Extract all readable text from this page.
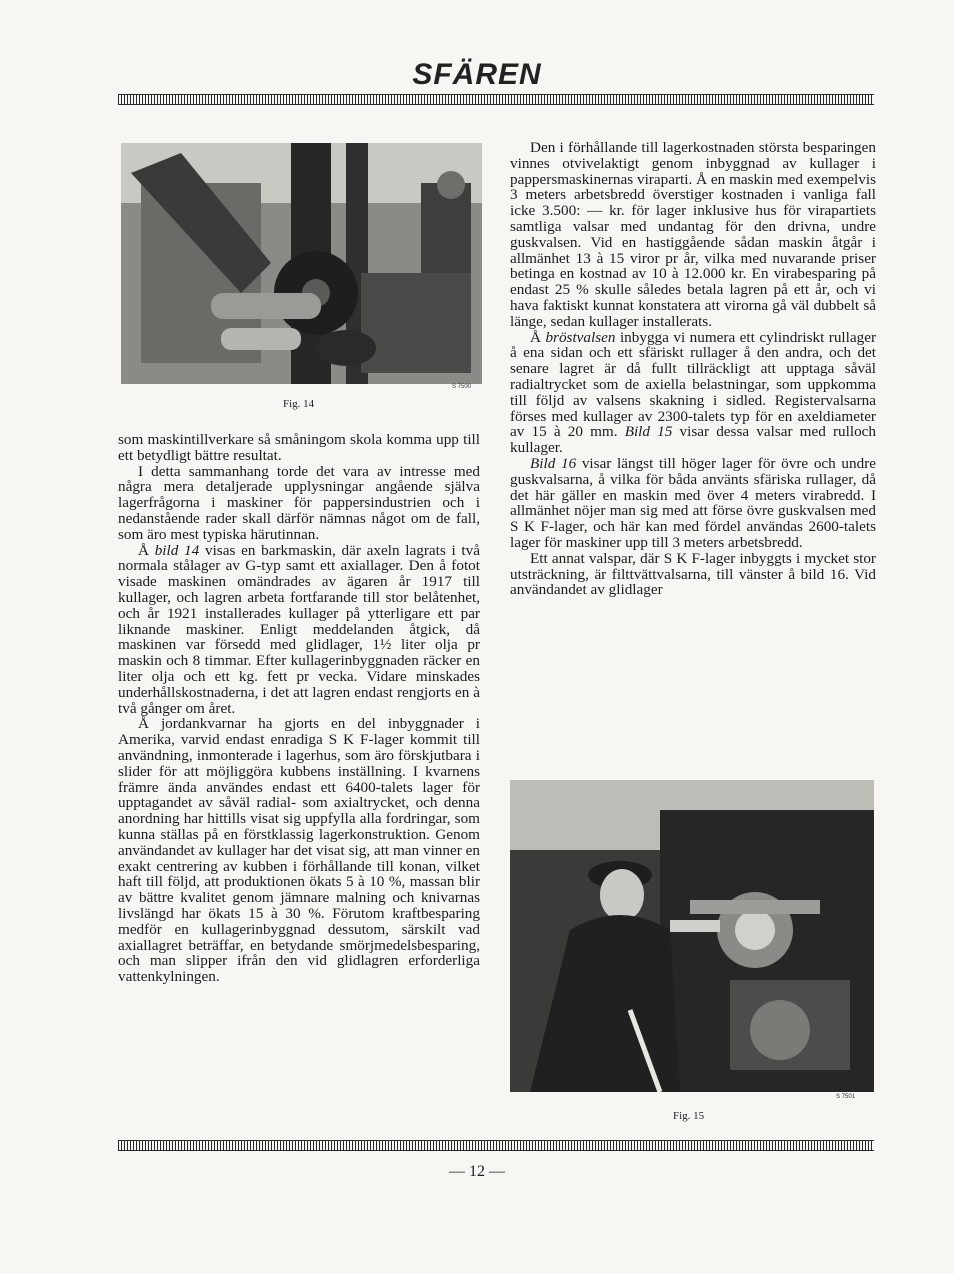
SFÄREN
S 7500
Fig. 14

som maskintillverkare så småningom skola komma upp till ett betydligt bättre resultat.

I detta sammanhang torde det vara av intresse med några mera detaljerade upplysningar angående själva lagerfrågorna i maskiner för pappersindustrien och i nedanstående rader skall därför nämnas något om de fall, som äro mest typiska härutinnan.

Å bild 14 visas en barkmaskin, där axeln lagrats i två normala stålager av G-typ samt ett axiallager. Den å fotot visade maskinen omändrades av ägaren år 1917 till kullager, och lagren arbeta fortfarande till stor belåtenhet, och år 1921 installerades kullager på ytterligare ett par liknande maskiner. Enligt meddelanden åtgick, då maskinen var försedd med glidlager, 1½ liter olja pr maskin och 8 timmar. Efter kullagerinbyggnaden räcker en liter olja och ett kg. fett pr vecka. Vidare minskades underhållskostnaderna, i det att lagren endast rengjorts en à två gånger om året.

Å jordankvarnar ha gjorts en del inbyggnader i Amerika, varvid endast enradiga S K F-lager kommit till användning, inmonterade i lagerhus, som äro förskjutbara i slider för att möjliggöra kubbens inställning. I kvarnens främre ända användes endast ett 6400-talets lager för upptagandet av såväl radial- som axialtrycket, och denna anordning har hittills visat sig uppfylla alla fordringar, som kunna ställas på en förstklassig lagerkonstruktion. Genom användandet av kullager har det visat sig, att man vinner en exakt centrering av kubben i förhållande till konan, vilket haft till följd, att produktionen ökats 5 à 10 %, massan blir av bättre kvalitet genom jämnare malning och knivarnas livslängd har ökats 15 à 30 %. Förutom kraftbesparing medför en kullagerinbyggnad dessutom, särskilt vad axiallagret beträffar, en betydande smörjmedelsbesparing, och man slipper ifrån den vid glidlagren erforderliga vattenkylningen.

Den i förhållande till lagerkostnaden största besparingen vinnes otvivelaktigt genom inbyggnad av kullager i pappersmaskinernas viraparti. Å en maskin med exempelvis 3 meters arbetsbredd överstiger kostnaden i vanliga fall icke 3.500: — kr. för lager inklusive hus för virapartiets samtliga valsar med undantag för den drivna, undre guskvalsen. Vid en hastiggående sådan maskin åtgår i allmänhet 13 à 15 viror pr år, vilka med nuvarande priser betinga en kostnad av 10 à 12.000 kr. En virabesparing på endast 25 % skulle således betala lagren på ett år, och vi hava faktiskt kunnat konstatera att virorna gå väl dubbelt så länge, sedan kullager installerats.

Å bröstvalsen inbygga vi numera ett cylindriskt rullager å ena sidan och ett sfäriskt rullager å den andra, och det senare lagret är då fullt tillräckligt att upptaga såväl radialtrycket som de axiella belastningar, som uppkomma till följd av valsens skakning i sidled. Registervalsarna förses med kullager av 2300-talets typ för en axeldiameter av 15 à 20 mm. Bild 15 visar dessa valsar med rulloch kullager.

Bild 16 visar längst till höger lager för övre och undre guskvalsarna, å vilka för båda använts sfäriska rullager, då det här gäller en maskin med över 4 meters virabredd. I allmänhet nöjer man sig med att förse övre guskvalsen med S K F-lager, och här kan med fördel användas 2600-talets lager för maskiner upp till 3 meters arbetsbredd.

Ett annat valspar, där S K F-lager inbyggts i mycket stor utsträckning, är filttvättvalsarna, till vänster å bild 16. Vid användandet av glidlager

S 7501
Fig. 15
— 12 —
